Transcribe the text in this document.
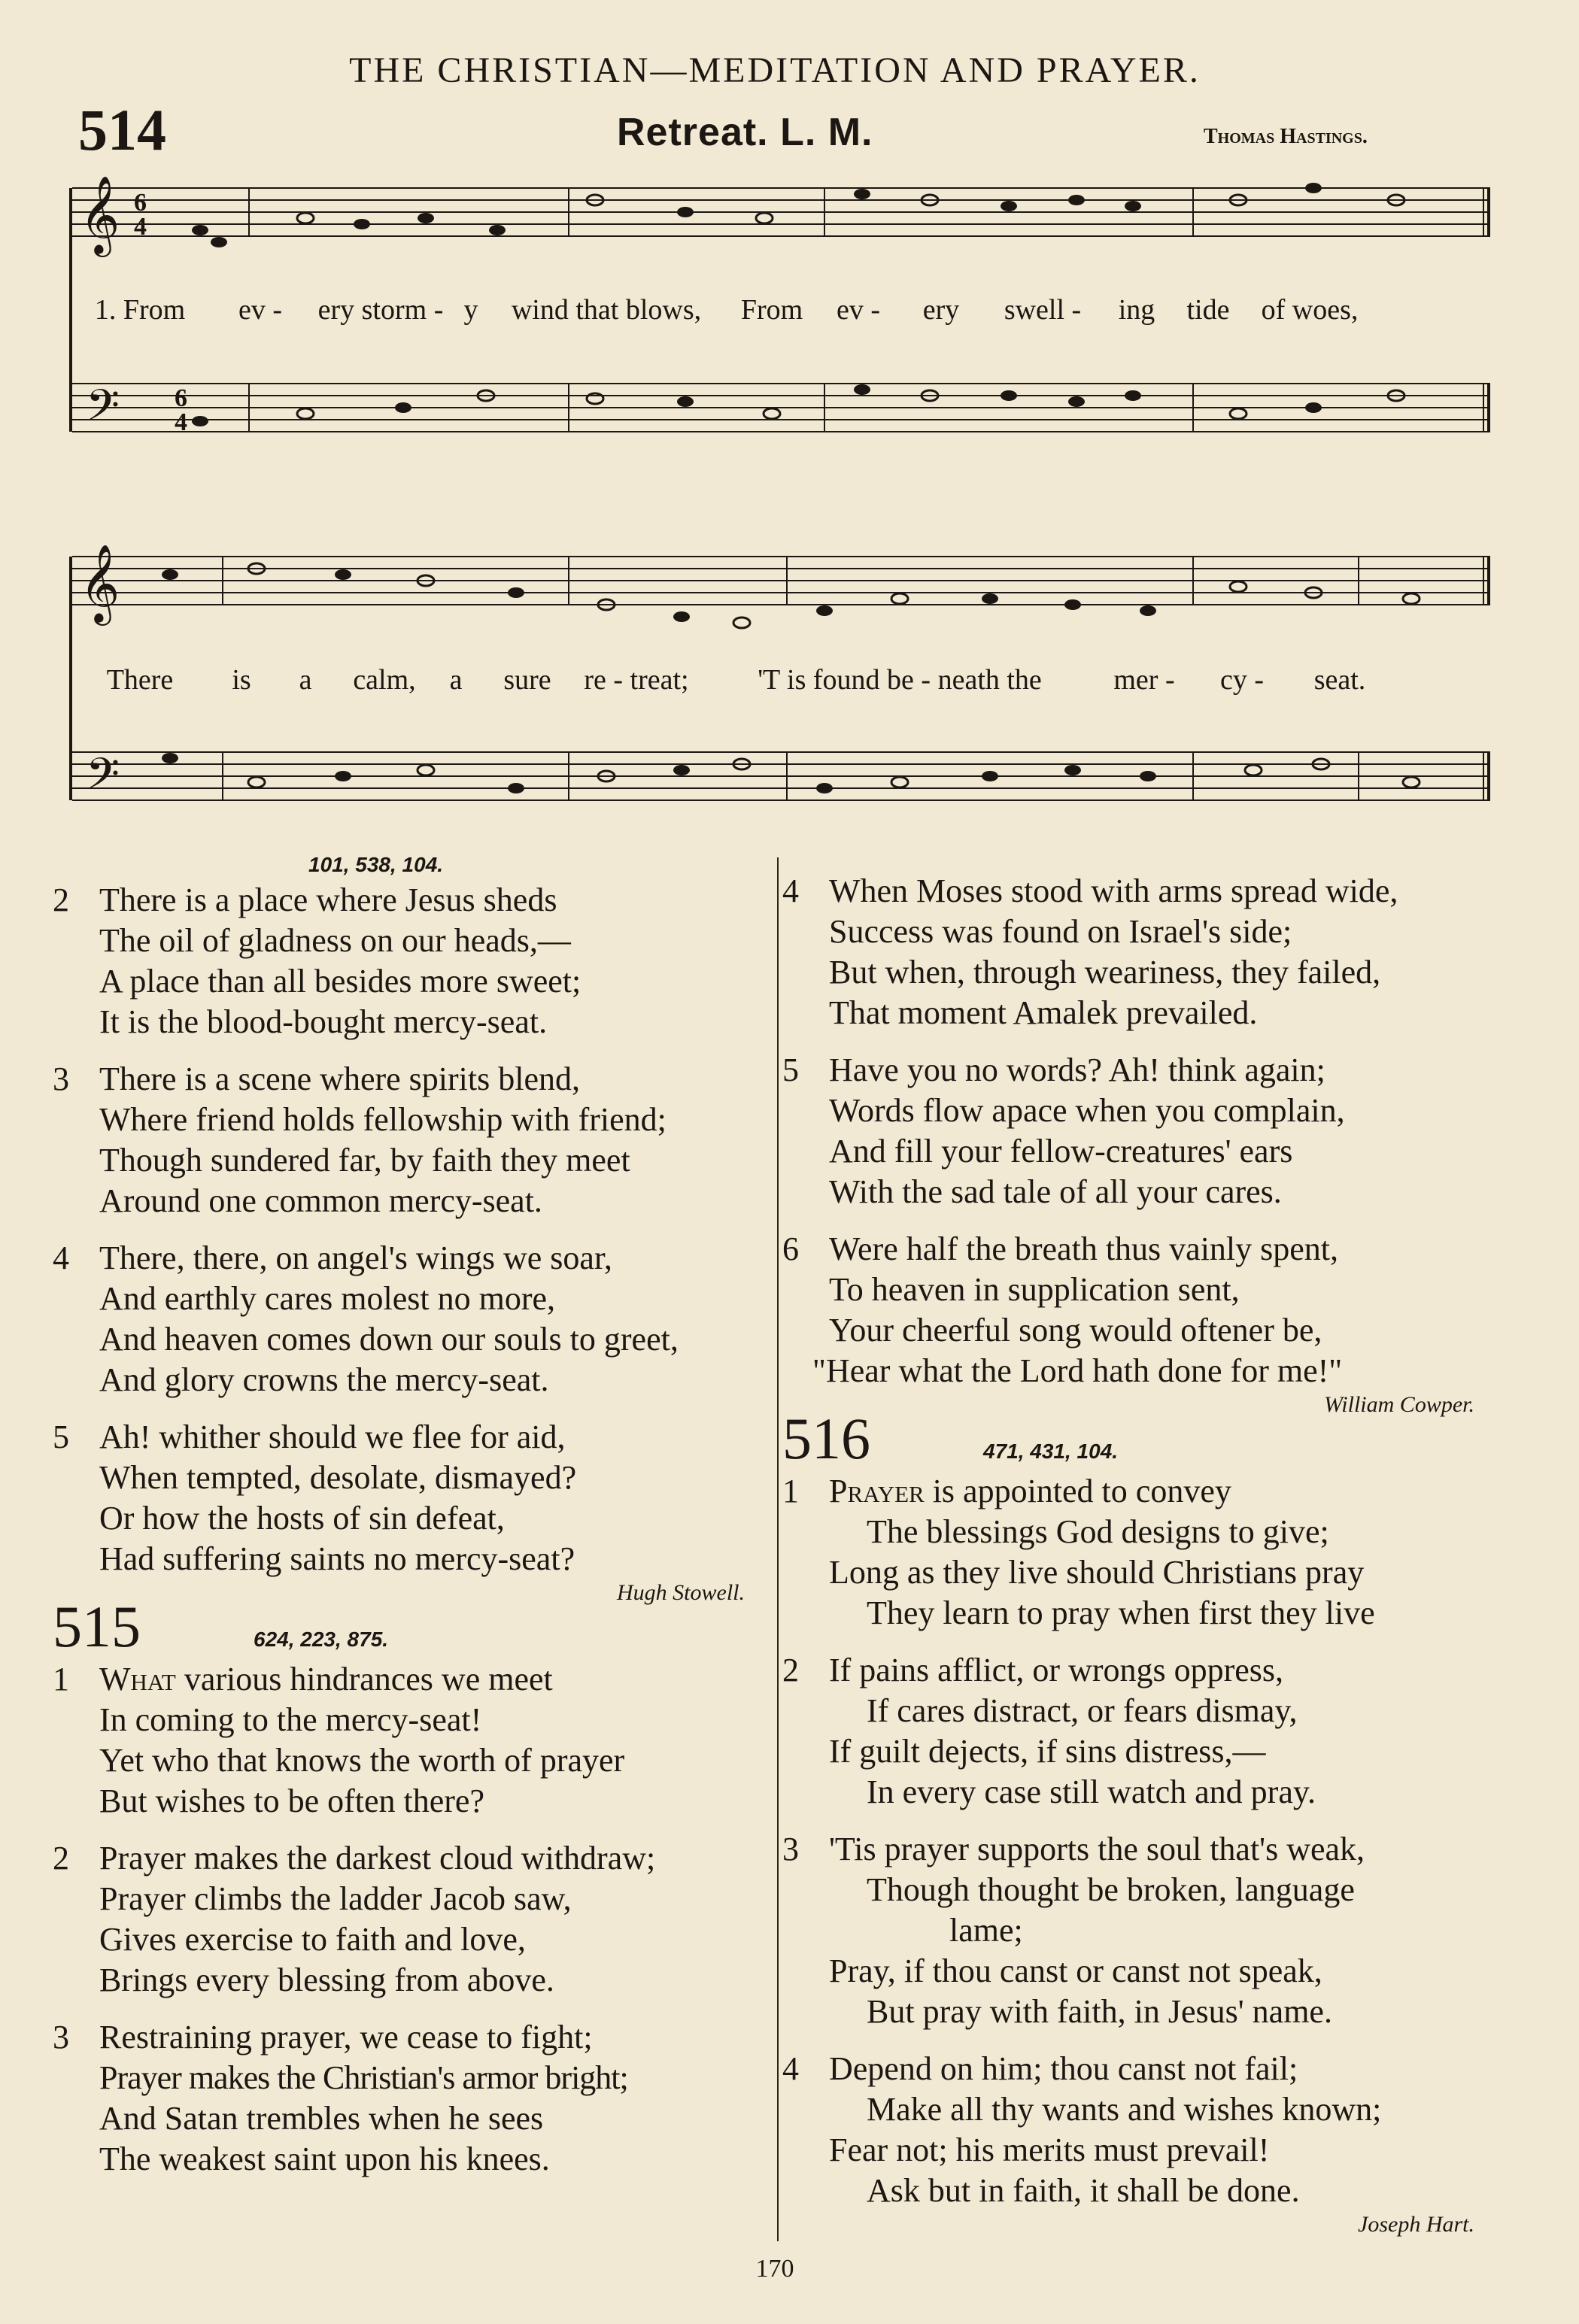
THE CHRISTIAN—MEDITATION AND PRAYER.
514	Retreat. L. M.	Thomas Hastings.
𝄞
𝄢
6
4
6
4
1. From	ev -	ery storm - y	wind that blows,	From	ev -	ery	swell -	ing	tide	of woes,
𝄞
𝄢
There	is	a	calm,	a	sure	re - treat;	'T is found be - neath the	mer -	cy -	seat.
101, 538, 104.
2 There is a place where Jesus sheds
The oil of gladness on our heads,—
A place than all besides more sweet;
It is the blood-bought mercy-seat.
3 There is a scene where spirits blend,
Where friend holds fellowship with friend;
Though sundered far, by faith they meet
Around one common mercy-seat.
4 There, there, on angel's wings we soar,
And earthly cares molest no more,
And heaven comes down our souls to greet,
And glory crowns the mercy-seat.
5 Ah! whither should we flee for aid,
When tempted, desolate, dismayed?
Or how the hosts of sin defeat,
Had suffering saints no mercy-seat?
Hugh Stowell.
515	624, 223, 875.
1 What various hindrances we meet
In coming to the mercy-seat!
Yet who that knows the worth of prayer
But wishes to be often there?
2 Prayer makes the darkest cloud withdraw;
Prayer climbs the ladder Jacob saw,
Gives exercise to faith and love,
Brings every blessing from above.
3 Restraining prayer, we cease to fight;
Prayer makes the Christian's armor bright;
And Satan trembles when he sees
The weakest saint upon his knees.
4 When Moses stood with arms spread wide,
Success was found on Israel's side;
But when, through weariness, they failed,
That moment Amalek prevailed.
5 Have you no words? Ah! think again;
Words flow apace when you complain,
And fill your fellow-creatures' ears
With the sad tale of all your cares.
6 Were half the breath thus vainly spent,
To heaven in supplication sent,
Your cheerful song would oftener be,
"Hear what the Lord hath done for me!"
William Cowper.
516	471, 431, 104.
1 Prayer is appointed to convey
The blessings God designs to give;
Long as they live should Christians pray
They learn to pray when first they live
2 If pains afflict, or wrongs oppress,
If cares distract, or fears dismay,
If guilt dejects, if sins distress,—
In every case still watch and pray.
3 'Tis prayer supports the soul that's weak,
Though thought be broken, language
lame;
Pray, if thou canst or canst not speak,
But pray with faith, in Jesus' name.
4 Depend on him; thou canst not fail;
Make all thy wants and wishes known;
Fear not; his merits must prevail!
Ask but in faith, it shall be done.
Joseph Hart.
170
